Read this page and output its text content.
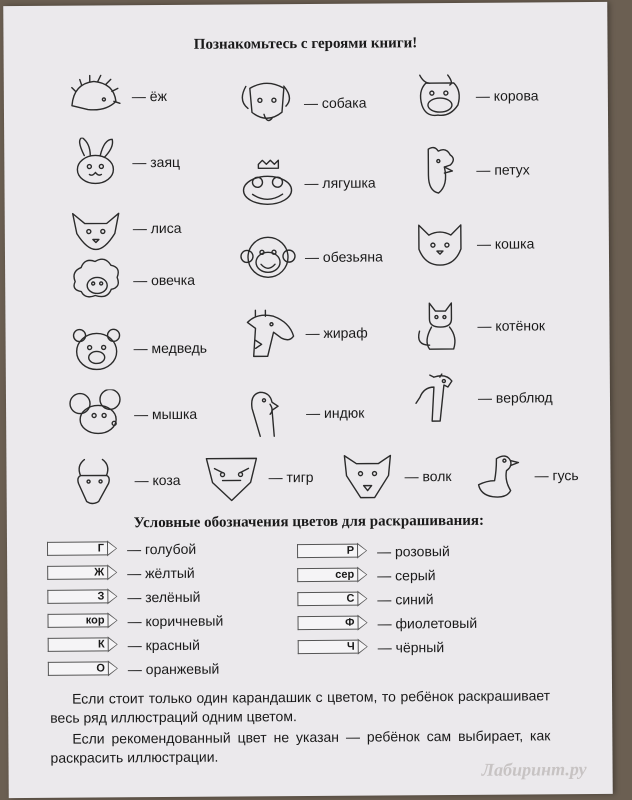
Познакомьтесь с героями книги!
— ёж
— заяц
— лиса
— овечка
— медведь
— мышка
— коза
— собака
— лягушка
— обезьяна
— жираф
— индюк
— тигр
— корова
— петух
— кошка
— котёнок
— верблюд
— волк	— гусь
Условные обозначения цветов для раскрашивания:
Г	— голубой
Ж	— жёлтый
З	— зелёный
кор	— коричневый
К	— красный
О	— оранжевый
Р	— розовый
сер	— серый
С	— синий
Ф	— фиолетовый
Ч	— чёрный
Если стоит только один карандашик с цветом, то ребёнок раскрашивает весь ряд иллюстраций одним цветом.
Если рекомендованный цвет не указан — ребёнок сам выбирает, как раскрасить иллюстрации.
Лабиринт.ру
